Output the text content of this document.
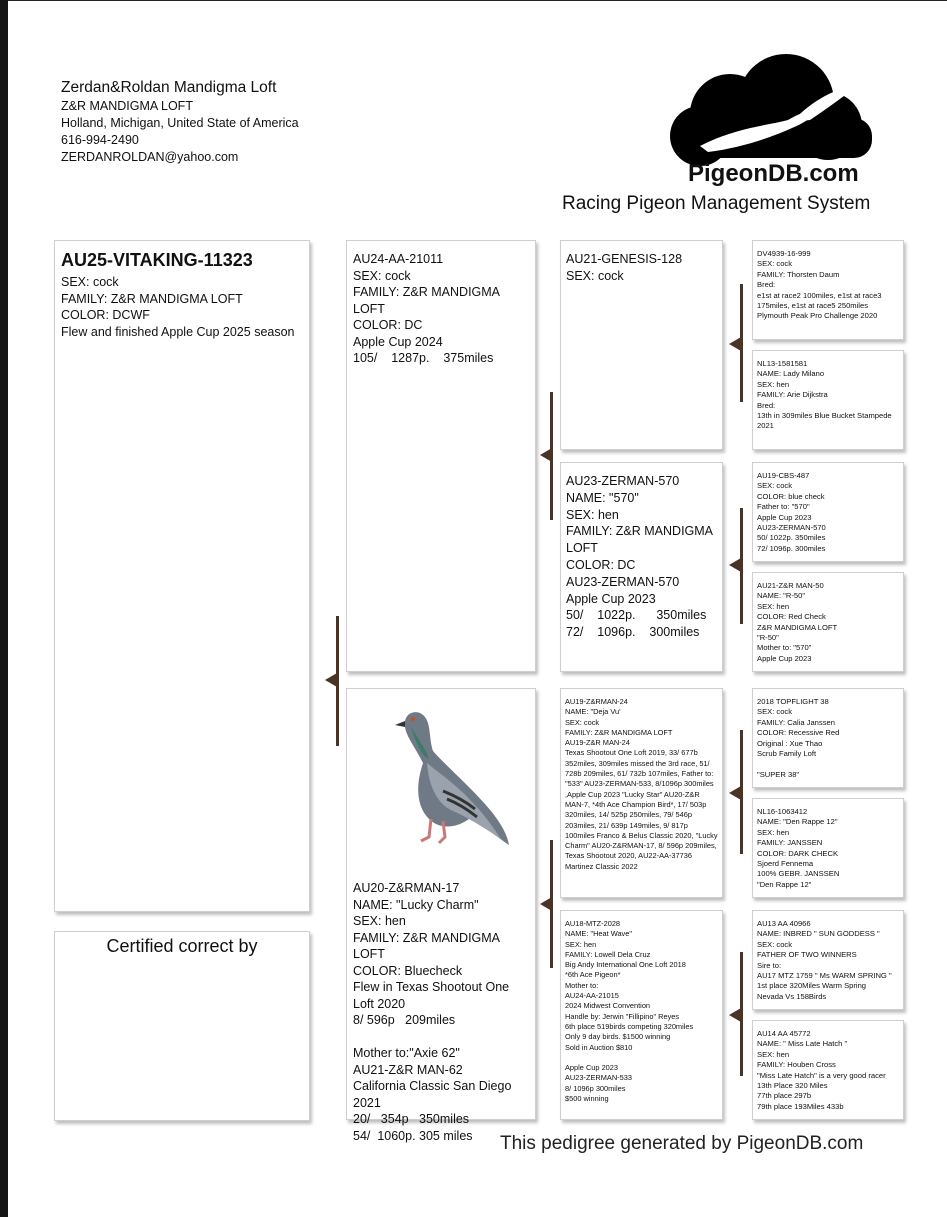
Zerdan&Roldan Mandigma Loft
Z&R MANDIGMA LOFT
Holland, Michigan, United State of America
616-994-2490
ZERDANROLDAN@yahoo.com
PigeonDB.com
Racing Pigeon Management System
AU25-VITAKING-11323
SEX: cock
FAMILY: Z&R MANDIGMA LOFT
COLOR: DCWF
Flew and finished Apple Cup 2025 season
Certified correct by
AU24-AA-21011
SEX: cock
FAMILY: Z&R MANDIGMA LOFT
COLOR: DC
Apple Cup 2024
105/    1287p.    375miles
AU20-Z&RMAN-17
NAME: "Lucky Charm"
SEX: hen
FAMILY: Z&R MANDIGMA LOFT
COLOR: Bluecheck
Flew in Texas Shootout One Loft 2020
8/ 596p   209miles
Mother to:"Axie 62"
AU21-Z&R MAN-62
California Classic San Diego 2021
20/   354p   350miles
54/  1060p. 305 miles
AU21-GENESIS-128
SEX: cock
AU23-ZERMAN-570
NAME: "570"
SEX: hen
FAMILY: Z&R MANDIGMA LOFT
COLOR: DC
AU23-ZERMAN-570
Apple Cup 2023
50/    1022p.      350miles
72/    1096p.    300miles
AU19-Z&RMAN-24
NAME: "Deja Vu'
SEX: cock
FAMILY: Z&R MANDIGMA LOFT
AU19-Z&R MAN-24
Texas Shootout One Loft 2019, 33/ 677b 352miles, 309miles missed the 3rd race, 51/ 728b 209miles, 61/ 732b 107miles, Father to: "533" AU23-ZERMAN-533, 8/1096p 300miles ,Apple Cup 2023 "Lucky Star" AU20-Z&R MAN-7, *4th Ace Champion Bird*, 17/ 503p 320miles, 14/ 525p 250miles, 79/ 546p 203miles, 21/ 639p 149miles, 9/ 817p 100miles Franco & Belus Classic 2020, "Lucky Charm" AU20-Z&RMAN-17, 8/ 596p 209miles, Texas Shootout 2020, AU22-AA-37736 Martinez Classic 2022
AU18-MTZ-2028
NAME: "Heat Wave"
SEX: hen
FAMILY: Lowell Dela Cruz
Big Andy International One Loft 2018
*6th Ace Pigeon*
Mother to:
AU24-AA-21015
2024 Midwest Convention
Handle by: Jerwin "Fillipino" Reyes
6th place 519birds competing 320miles
Only 9 day birds. $1500 winning
Sold in Auction $810
Apple Cup 2023
AU23-ZERMAN-533
8/ 1096p 300miles
$500 winning
DV4939-16-999
SEX: cock
FAMILY: Thorsten Daum
Bred:
e1st at race2 100miles, e1st at race3 175miles, e1st at race5 250miles
Plymouth Peak Pro Challenge 2020
NL13-1581581
NAME: Lady Milano
SEX: hen
FAMILY: Arie Dijkstra
Bred:
13th in 309miles Blue Bucket Stampede 2021
AU19-CBS-487
SEX: cock
COLOR: blue check
Father to: "570"
Apple Cup 2023
AU23-ZERMAN-570
50/ 1022p. 350miles
72/ 1096p. 300miles
AU21-Z&R MAN-50
NAME: "R-50"
SEX: hen
COLOR: Red Check
Z&R MANDIGMA LOFT
"R-50"
Mother to: "570"
Apple Cup 2023
2018 TOPFLIGHT 38
SEX: cock
FAMILY: Calia Janssen
COLOR: Recessive Red
Original : Xue Thao
Scrub Family Loft
"SUPER 38"
NL16-1063412
NAME: "Den Rappe 12"
SEX: hen
FAMILY: JANSSEN
COLOR: DARK CHECK
Sjoerd Fennema
100% GEBR. JANSSEN
"Den Rappe 12"
AU13 AA 40966
NAME: INBRED " SUN GODDESS "
SEX: cock
FATHER OF TWO WINNERS
Sire to:
AU17 MTZ 1759 " Ms WARM SPRING "
1st place 320Miles Warm Spring
Nevada Vs 158Birds
AU14 AA 45772
NAME: " Miss Late Hatch "
SEX: hen
FAMILY: Houben Cross
"Miss Late Hatch" is a very good racer
13th Place 320 Miles
77th place 297b
79th place 193Miles 433b
This pedigree generated by PigeonDB.com
